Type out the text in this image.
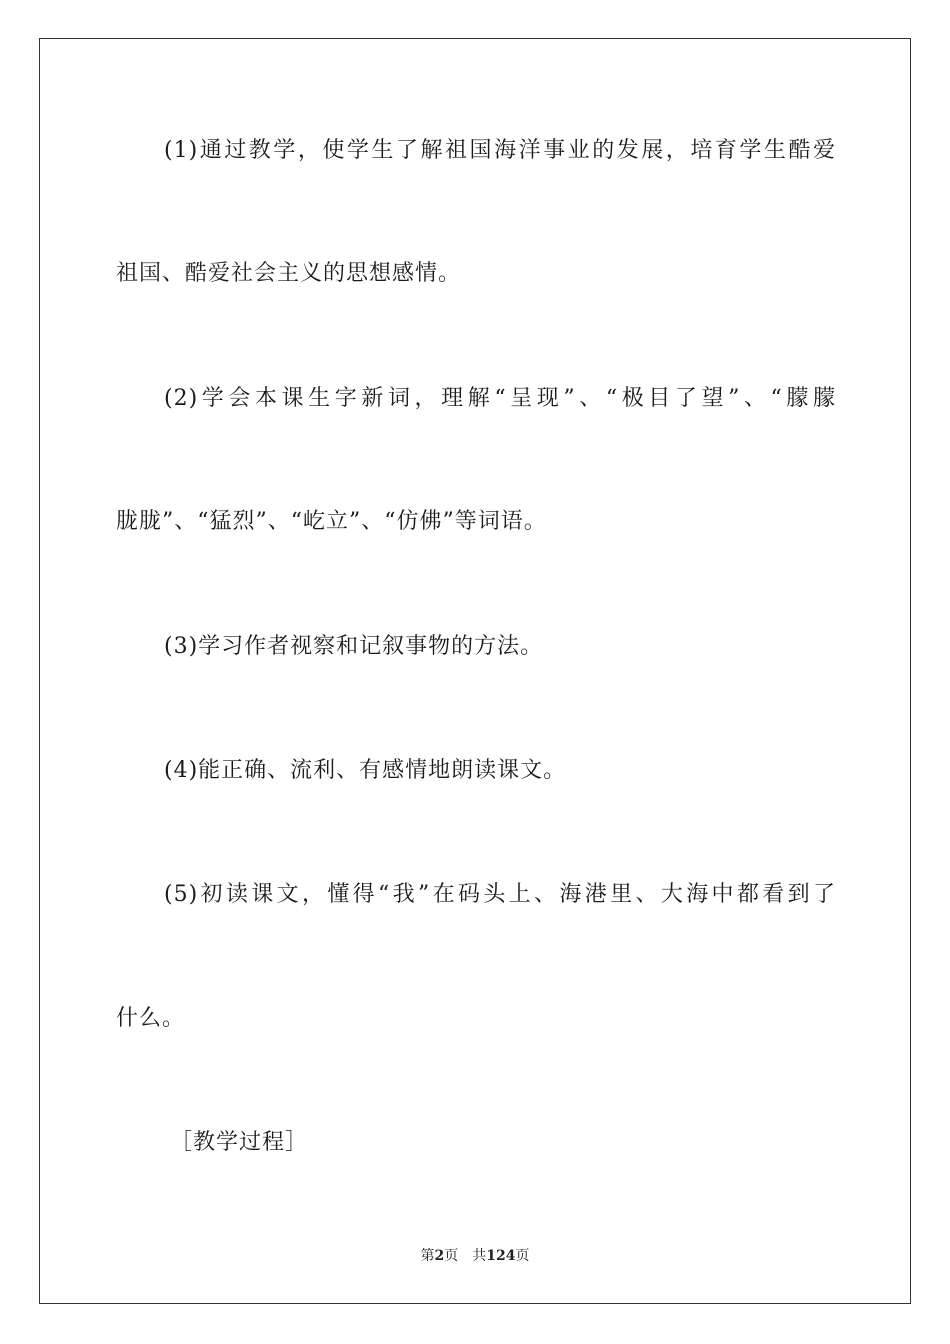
(1)通过教学，使学生了解祖国海洋事业的发展，培育学生酷爱
祖国、酷爱社会主义的思想感情。
(2)学会本课生字新词，理解“呈现”、“极目了望”、“朦朦
胧胧”、“猛烈”、“屹立”、“仿佛”等词语。
(3)学习作者视察和记叙事物的方法。
(4)能正确、流利、有感情地朗读课文。
(5)初读课文，懂得“我”在码头上、海港里、大海中都看到了
什么。
［教学过程］
第2页 共124页
